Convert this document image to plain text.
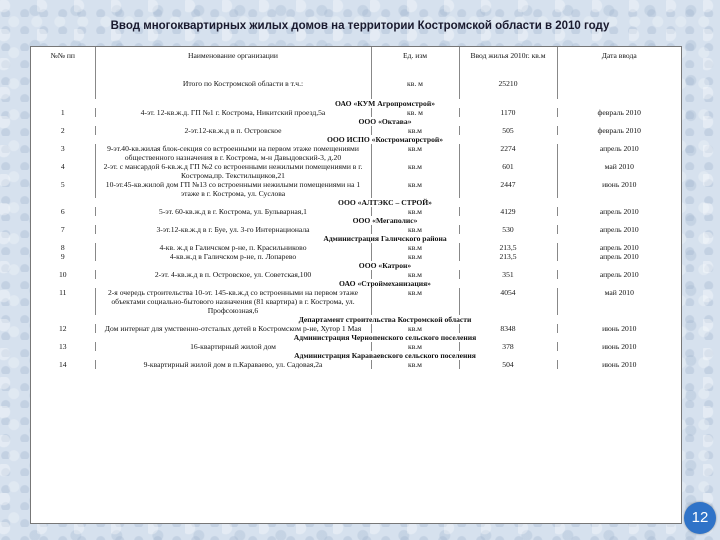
Ввод многоквартирных жилых домов на территории Костромской области в 2010 году
№№ пп	Наименование организации	Ед. изм	Ввод жилья 2010г. кв.м	Дата ввода
	Итого по Костромской области в т.ч.:	кв. м	25210	
ОАО «КУМ Агропромстрой»				
1	4-эт. 12-кв.ж.д. ГП №1 г. Кострома, Никитский проезд,5а	кв. м	1170	февраль 2010
ООО «Октава»				
2	2-эт.12-кв.ж.д в п. Островское	кв.м	505	февраль 2010
ООО ИСПО «Костромагорстрой»				
3	9-эт.40-кв.жилая блок-секция со встроенными на первом этаже помещениями общественного назначения в г. Кострома, м-н Давыдовский-3, д.20	кв.м	2274	апрель 2010
4	2-эт. с мансардой 6-кв.ж.д ГП №2 со встроенными нежилыми помещениями в г. Кострома,пр. Текстильщиков,21	кв.м	601	май 2010
5	10-эт.45-кв.жилой дом ГП №13 со встроенными нежилыми помещениями на 1 этаже в г. Кострома, ул. Суслова	кв.м	2447	июнь 2010
ООО «АЛТЭКС – СТРОЙ»				
6	5-эт. 60-кв.ж.д в г. Кострома, ул. Бульварная,1	кв.м	4129	апрель 2010
ООО «Мегаполис»				
7	3-эт.12-кв.ж.д в г. Буе, ул. 3-го Интернационала	кв.м	530	апрель 2010
Администрация Галичского района				
8	4-кв. ж.д в Галичском р-не, п. Красильниково	кв.м	213,5	апрель 2010
9	4-кв.ж.д в Галичском р-не, п. Лопарево	кв.м	213,5	апрель 2010
ООО «Катрон»				
10	2-эт. 4-кв.ж.д в п. Островское, ул. Советская,100	кв.м	351	апрель 2010
ОАО «Строймеханизация»				
11	2-я очередь строительства 10-эт. 145-кв.ж.д со встроенными на первом этаже объектами социально-бытового назначения (81 квартира) в г. Кострома, ул. Профсоюзная,6	кв.м	4054	май 2010
Департамент строительства Костромской области				
12	Дом интернат для умственно-отсталых детей в Костромском р-не, Хутор 1 Мая	кв.м	8348	июнь 2010
Администрация Чернопенского сельского поселения				
13	16-квартирный жилой дом	кв.м	378	июнь 2010
Администрация Караваевского сельского поселения				
14	9-квартирный жилой дом в п.Караваево, ул. Садовая,2а	кв.м	504	июнь 2010
12
